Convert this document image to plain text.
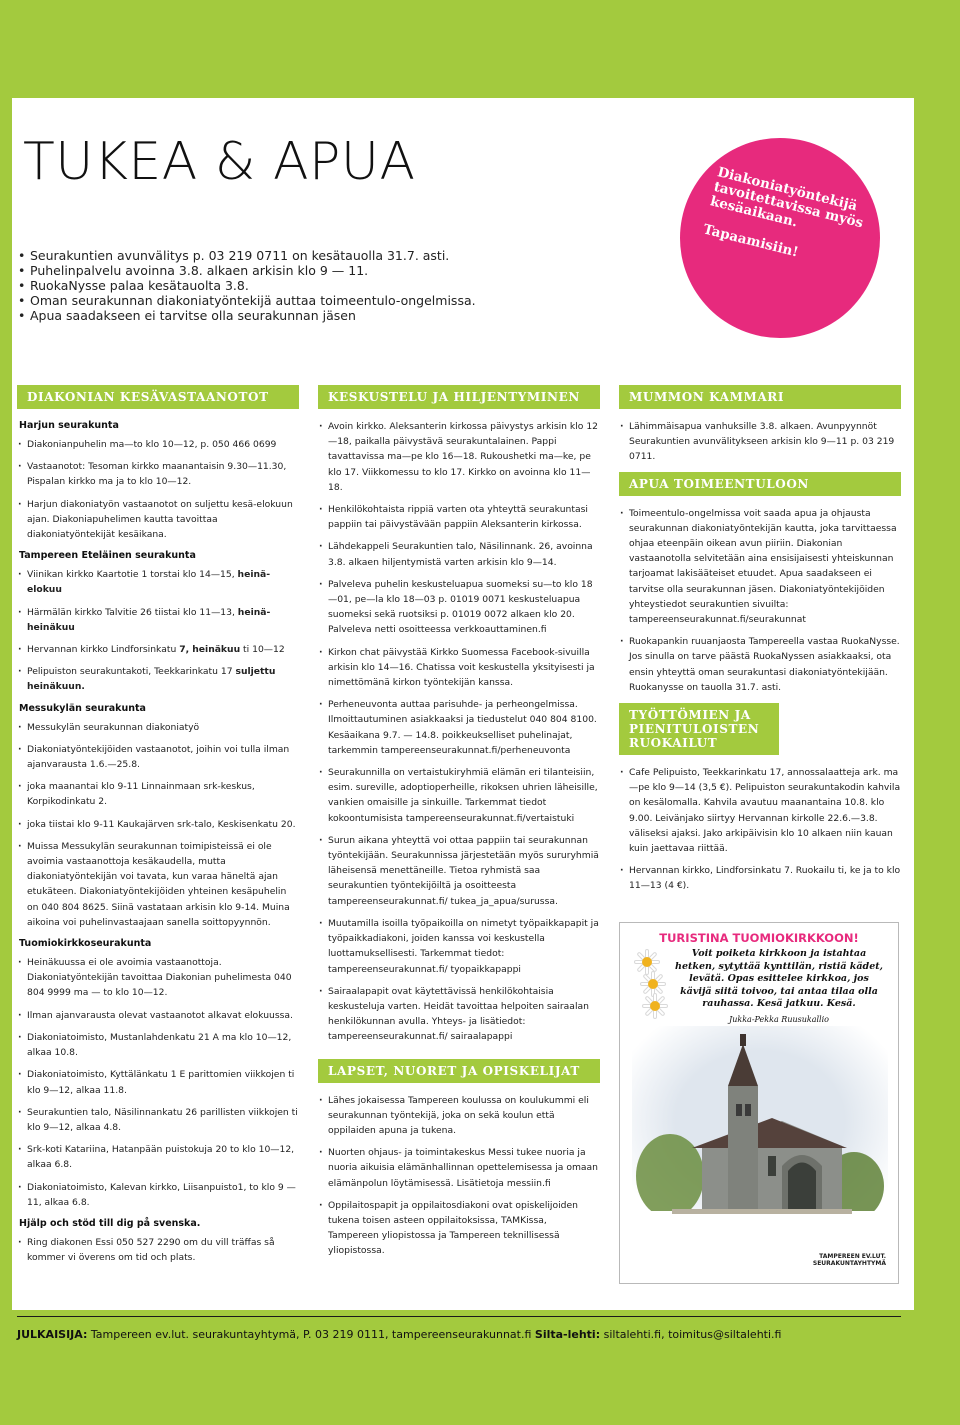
TUKEA & APUA
• Seurakuntien avunvälitys p. 03 219 0711 on kesätauolla 31.7. asti.
• Puhelinpalvelu avoinna 3.8. alkaen arkisin klo 9 — 11.
• RuokaNysse palaa kesätauolta 3.8.
• Oman seurakunnan diakoniatyöntekijä auttaa toimeentulo-ongelmissa.
• Apua saadakseen ei tarvitse olla seurakunnan jäsen
Diakoniatyöntekijä tavoitettavissa myös kesäaikaan.
Tapaamisiin!
DIAKONIAN KESÄVASTAANOTOT
Harjun seurakunta
· Diakonianpuhelin ma—to klo 10—12, p. 050 466 0699
· Vastaanotot: Tesoman kirkko maanantaisin 9.30—11.30, Pispalan kirkko ma ja to klo 10—12.
· Harjun diakoniatyön vastaanotot on suljettu kesä-elokuun ajan. Diakoniapuhelimen kautta tavoittaa diakoniatyöntekijät kesäikana.
Tampereen Eteläinen seurakunta
· Viinikan kirkko Kaartotie 1 torstai klo 14—15, heinä-elokuu
· Härmälän kirkko Talvitie 26 tiistai klo 11—13, heinä-heinäkuu
· Hervannan kirkko Lindforsinkatu 7, heinäkuu ti 10—12
· Pelipuiston seurakuntakoti, Teekkarinkatu 17 suljettu heinäkuun.
Messukylän seurakunta
· Messukylän seurakunnan diakoniatyö
· Diakoniatyöntekijöiden vastaanotot, joihin voi tulla ilman ajanvarausta 1.6.—25.8.
· joka maanantai klo 9-11 Linnainmaan srk-keskus, Korpikodinkatu 2.
· joka tiistai klo 9-11 Kaukajärven srk-talo, Keskisenkatu 20.
· Muissa Messukylän seurakunnan toimipisteissä ei ole avoimia vastaanottoja kesäkaudella, mutta diakoniatyöntekijän voi tavata, kun varaa häneltä ajan etukäteen. Diakoniatyöntekijöiden yhteinen kesäpuhelin on 040 804 8625. Siinä vastataan arkisin klo 9-14. Muina aikoina voi puhelinvastaajaan sanella soittopyynnön.
Tuomiokirkkoseurakunta
· Heinäkuussa ei ole avoimia vastaanottoja. Diakoniatyöntekijän tavoittaa Diakonian puhelimesta 040 804 9999 ma — to klo 10—12.
· Ilman ajanvarausta olevat vastaanotot alkavat elokuussa.
· Diakoniatoimisto, Mustanlahdenkatu 21 A ma klo 10—12, alkaa 10.8.
· Diakoniatoimisto, Kyttälänkatu 1 E parittomien viikkojen ti klo 9—12, alkaa 11.8.
· Seurakuntien talo, Näsilinnankatu 26 parillisten viikkojen ti klo 9—12, alkaa 4.8.
· Srk-koti Katariina, Hatanpään puistokuja 20 to klo 10—12, alkaa 6.8.
· Diakoniatoimisto, Kalevan kirkko, Liisanpuisto1, to klo 9 — 11, alkaa 6.8.
Hjälp och stöd till dig på svenska.
· Ring diakonen Essi 050 527 2290 om du vill träffas så kommer vi överens om tid och plats.
KESKUSTELU JA HILJENTYMINEN
· Avoin kirkko. Aleksanterin kirkossa päivystys arkisin klo 12—18, paikalla päivystävä seurakuntalainen. Pappi tavattavissa ma—pe klo 16—18. Rukoushetki ma—ke, pe klo 17. Viikkomessu to klo 17. Kirkko on avoinna klo 11—18.
· Henkilökohtaista rippiä varten ota yhteyttä seurakuntasi pappiin tai päivystävään pappiin Aleksanterin kirkossa.
· Lähdekappeli Seurakuntien talo, Näsilinnank. 26, avoinna 3.8. alkaen hiljentymistä varten arkisin klo 9—14.
· Palveleva puhelin keskusteluapua suomeksi su—to klo 18—01, pe—la klo 18—03 p. 01019 0071 keskusteluapua suomeksi sekä ruotsiksi p. 01019 0072 alkaen klo 20. Palveleva netti osoitteessa verkkoauttaminen.fi
· Kirkon chat päivystää Kirkko Suomessa Facebook-sivuilla arkisin klo 14—16. Chatissa voit keskustella yksityisesti ja nimettömänä kirkon työntekijän kanssa.
· Perheneuvonta auttaa parisuhde- ja perheongelmissa. Ilmoittautuminen asiakkaaksi ja tiedustelut 040 804 8100. Kesäaikana 9.7. — 14.8. poikkeukselliset puhelinajat, tarkemmin tampereenseurakunnat.fi/perheneuvonta
· Seurakunnilla on vertaistukiryhmiä elämän eri tilanteisiin, esim. sureville, adoptioperheille, rikoksen uhrien läheisille, vankien omaisille ja sinkuille. Tarkemmat tiedot kokoontumisista tampereenseurakunnat.fi/vertaistuki
· Surun aikana yhteyttä voi ottaa pappiin tai seurakunnan työntekijään. Seurakunnissa järjestetään myös sururyhmiä läheisensä menettäneille. Tietoa ryhmistä saa seurakuntien työntekijöiltä ja osoitteesta tampereenseurakunnat.fi/ tukea_ja_apua/surussa.
· Muutamilla isoilla työpaikoilla on nimetyt työpaikkapapit ja työpaikkadiakoni, joiden kanssa voi keskustella luottamuksellisesti. Tarkemmat tiedot: tampereenseurakunnat.fi/ tyopaikkapappi
· Sairaalapapit ovat käytettävissä henkilökohtaisia keskusteluja varten. Heidät tavoittaa helpoiten sairaalan henkilökunnan avulla. Yhteys- ja lisätiedot: tampereenseurakunnat.fi/ sairaalapappi
LAPSET, NUORET JA OPISKELIJAT
· Lähes jokaisessa Tampereen koulussa on koulukummi eli seurakunnan työntekijä, joka on sekä koulun että oppilaiden apuna ja tukena.
· Nuorten ohjaus- ja toimintakeskus Messi tukee nuoria ja nuoria aikuisia elämänhallinnan opettelemisessa ja omaan elämänpolun löytämisessä. Lisätietoja messiin.fi
· Oppilaitospapit ja oppilaitosdiakoni ovat opiskelijoiden tukena toisen asteen oppilaitoksissa, TAMKissa, Tampereen yliopistossa ja Tampereen teknillisessä yliopistossa.
MUMMON KAMMARI
· Lähimmäisapua vanhuksille 3.8. alkaen. Avunpyynnöt Seurakuntien avunvälitykseen arkisin klo 9—11 p. 03 219 0711.
APUA TOIMEENTULOON
· Toimeentulo-ongelmissa voit saada apua ja ohjausta seurakunnan diakoniatyöntekijän kautta, joka tarvittaessa ohjaa eteenpäin oikean avun piiriin. Diakonian vastaanotolla selvitetään aina ensisijaisesti yhteiskunnan tarjoamat lakisääteiset etuudet. Apua saadakseen ei tarvitse olla seurakunnan jäsen. Diakoniatyöntekijöiden yhteystiedot seurakuntien sivuilta: tampereenseurakunnat.fi/seurakunnat
· Ruokapankin ruuanjaosta Tampereella vastaa RuokaNysse. Jos sinulla on tarve päästä RuokaNyssen asiakkaaksi, ota ensin yhteyttä oman seurakuntasi diakoniatyöntekijään. Ruokanysse on tauolla 31.7. asti.
TYÖTTÖMIEN JA PIENITULOISTEN RUOKAILUT
· Cafe Pelipuisto, Teekkarinkatu 17, annossalaatteja ark. ma—pe klo 9—14 (3,5 €). Pelipuiston seurakuntakodin kahvila on kesälomalla. Kahvila avautuu maanantaina 10.8. klo 9.00. Leivänjako siirtyy Hervannan kirkolle 22.6.—3.8. väliseksi ajaksi. Jako arkipäivisin klo 10 alkaen niin kauan kuin jaettavaa riittää.
· Hervannan kirkko, Lindforsinkatu 7. Ruokailu ti, ke ja to klo 11—13 (4 €).
TURISTINA TUOMIOKIRKKOON!
Voit poiketa kirkkoon ja istahtaa hetken, sytyttää kynttilän, ristiä kädet, levätä. Opas esittelee kirkkoa, jos kävijä siitä toivoo, tai antaa tilaa olla rauhassa. Kesä jatkuu. Kesä.
Jukka-Pekka Ruusukallio
TAMPEREEN EV.LUT.
SEURAKUNTAYHTYMÄ
JULKAISIJA: Tampereen ev.lut. seurakuntayhtymä, P. 03 219 0111, tampereenseurakunnat.fi Silta-lehti: siltalehti.fi, toimitus@siltalehti.fi
